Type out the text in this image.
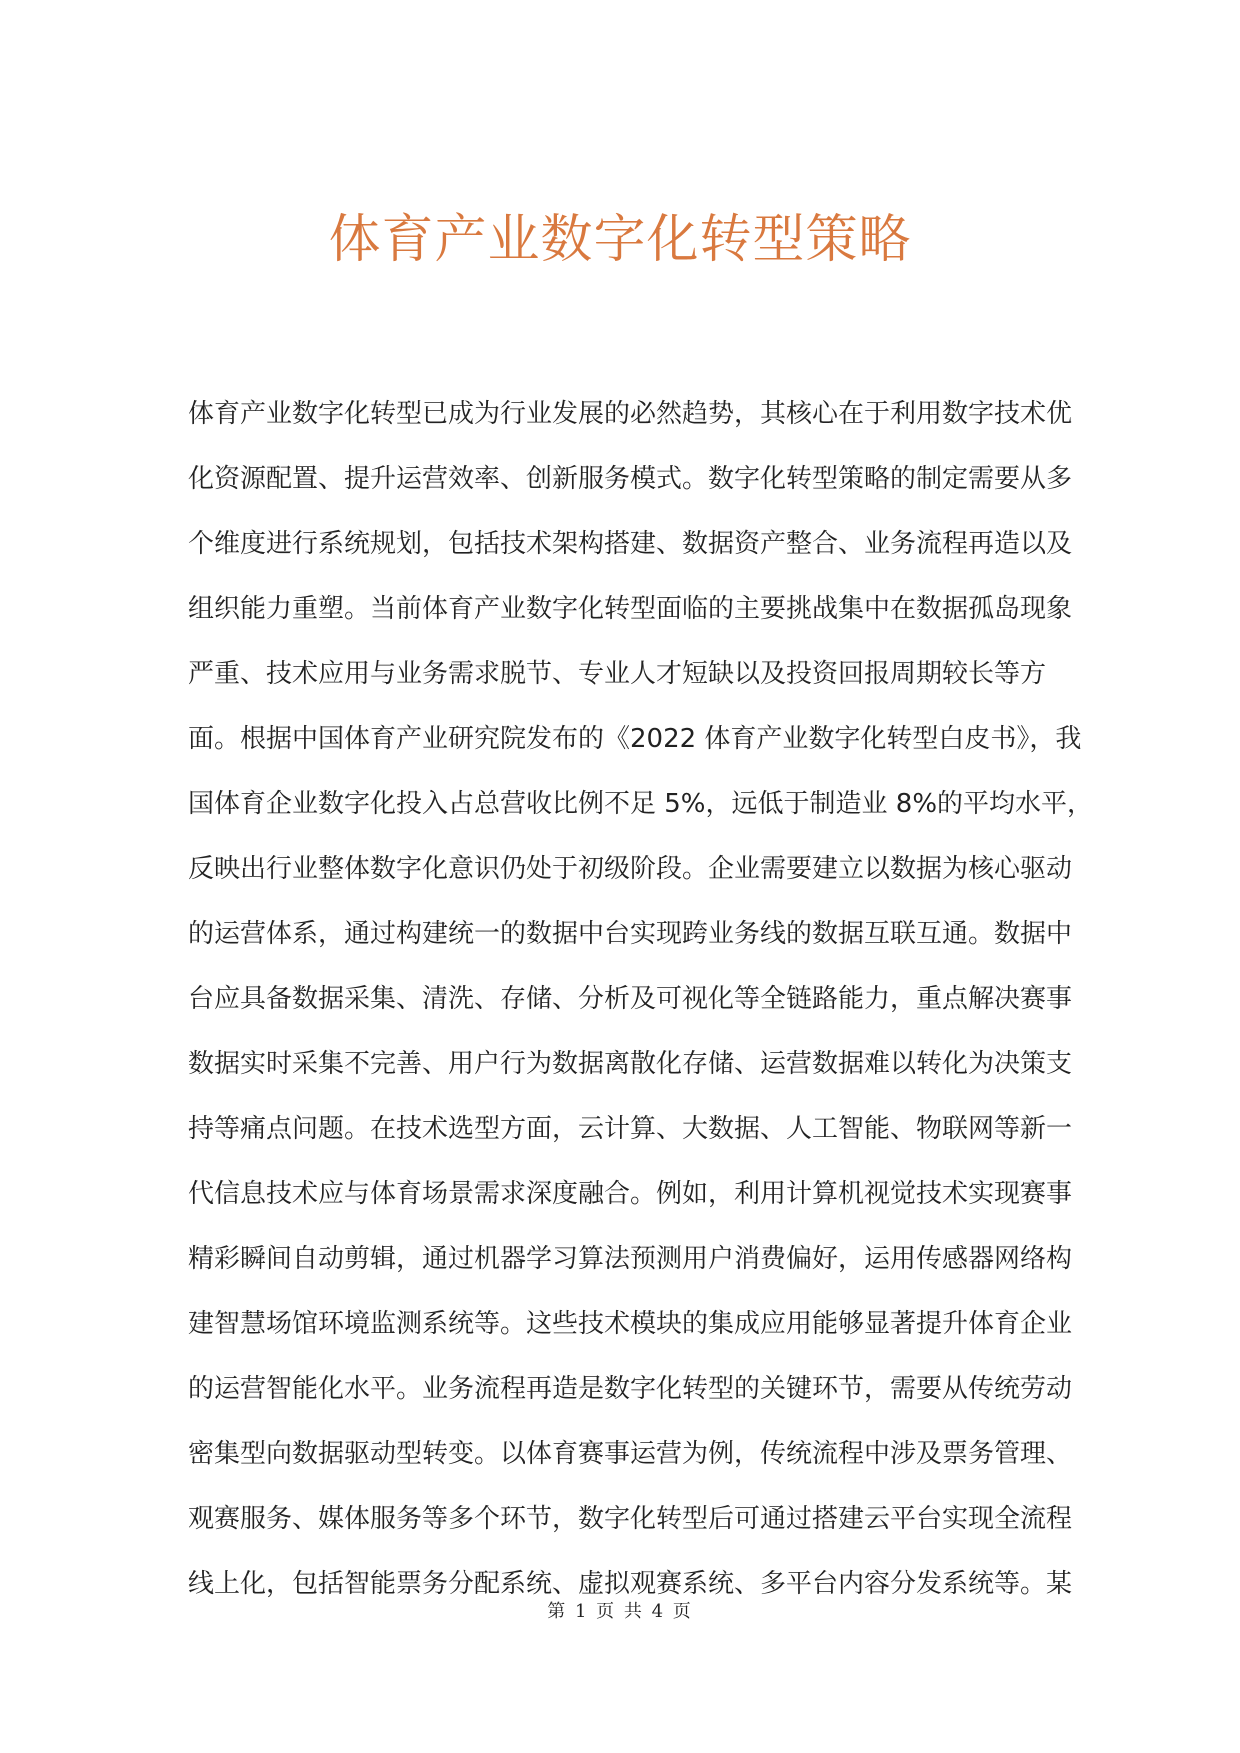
体育产业数字化转型策略
体育产业数字化转型已成为行业发展的必然趋势，其核心在于利用数字技术优
化资源配置、提升运营效率、创新服务模式。数字化转型策略的制定需要从多
个维度进行系统规划，包括技术架构搭建、数据资产整合、业务流程再造以及
组织能力重塑。当前体育产业数字化转型面临的主要挑战集中在数据孤岛现象
严重、技术应用与业务需求脱节、专业人才短缺以及投资回报周期较长等方
面。根据中国体育产业研究院发布的《2022 体育产业数字化转型白皮书》，我
国体育企业数字化投入占总营收比例不足 5%，远低于制造业 8%的平均水平，
反映出行业整体数字化意识仍处于初级阶段。企业需要建立以数据为核心驱动
的运营体系，通过构建统一的数据中台实现跨业务线的数据互联互通。数据中
台应具备数据采集、清洗、存储、分析及可视化等全链路能力，重点解决赛事
数据实时采集不完善、用户行为数据离散化存储、运营数据难以转化为决策支
持等痛点问题。在技术选型方面，云计算、大数据、人工智能、物联网等新一
代信息技术应与体育场景需求深度融合。例如，利用计算机视觉技术实现赛事
精彩瞬间自动剪辑，通过机器学习算法预测用户消费偏好，运用传感器网络构
建智慧场馆环境监测系统等。这些技术模块的集成应用能够显著提升体育企业
的运营智能化水平。业务流程再造是数字化转型的关键环节，需要从传统劳动
密集型向数据驱动型转变。以体育赛事运营为例，传统流程中涉及票务管理、
观赛服务、媒体服务等多个环节，数字化转型后可通过搭建云平台实现全流程
线上化，包括智能票务分配系统、虚拟观赛系统、多平台内容分发系统等。某
第 1 页 共 4 页
